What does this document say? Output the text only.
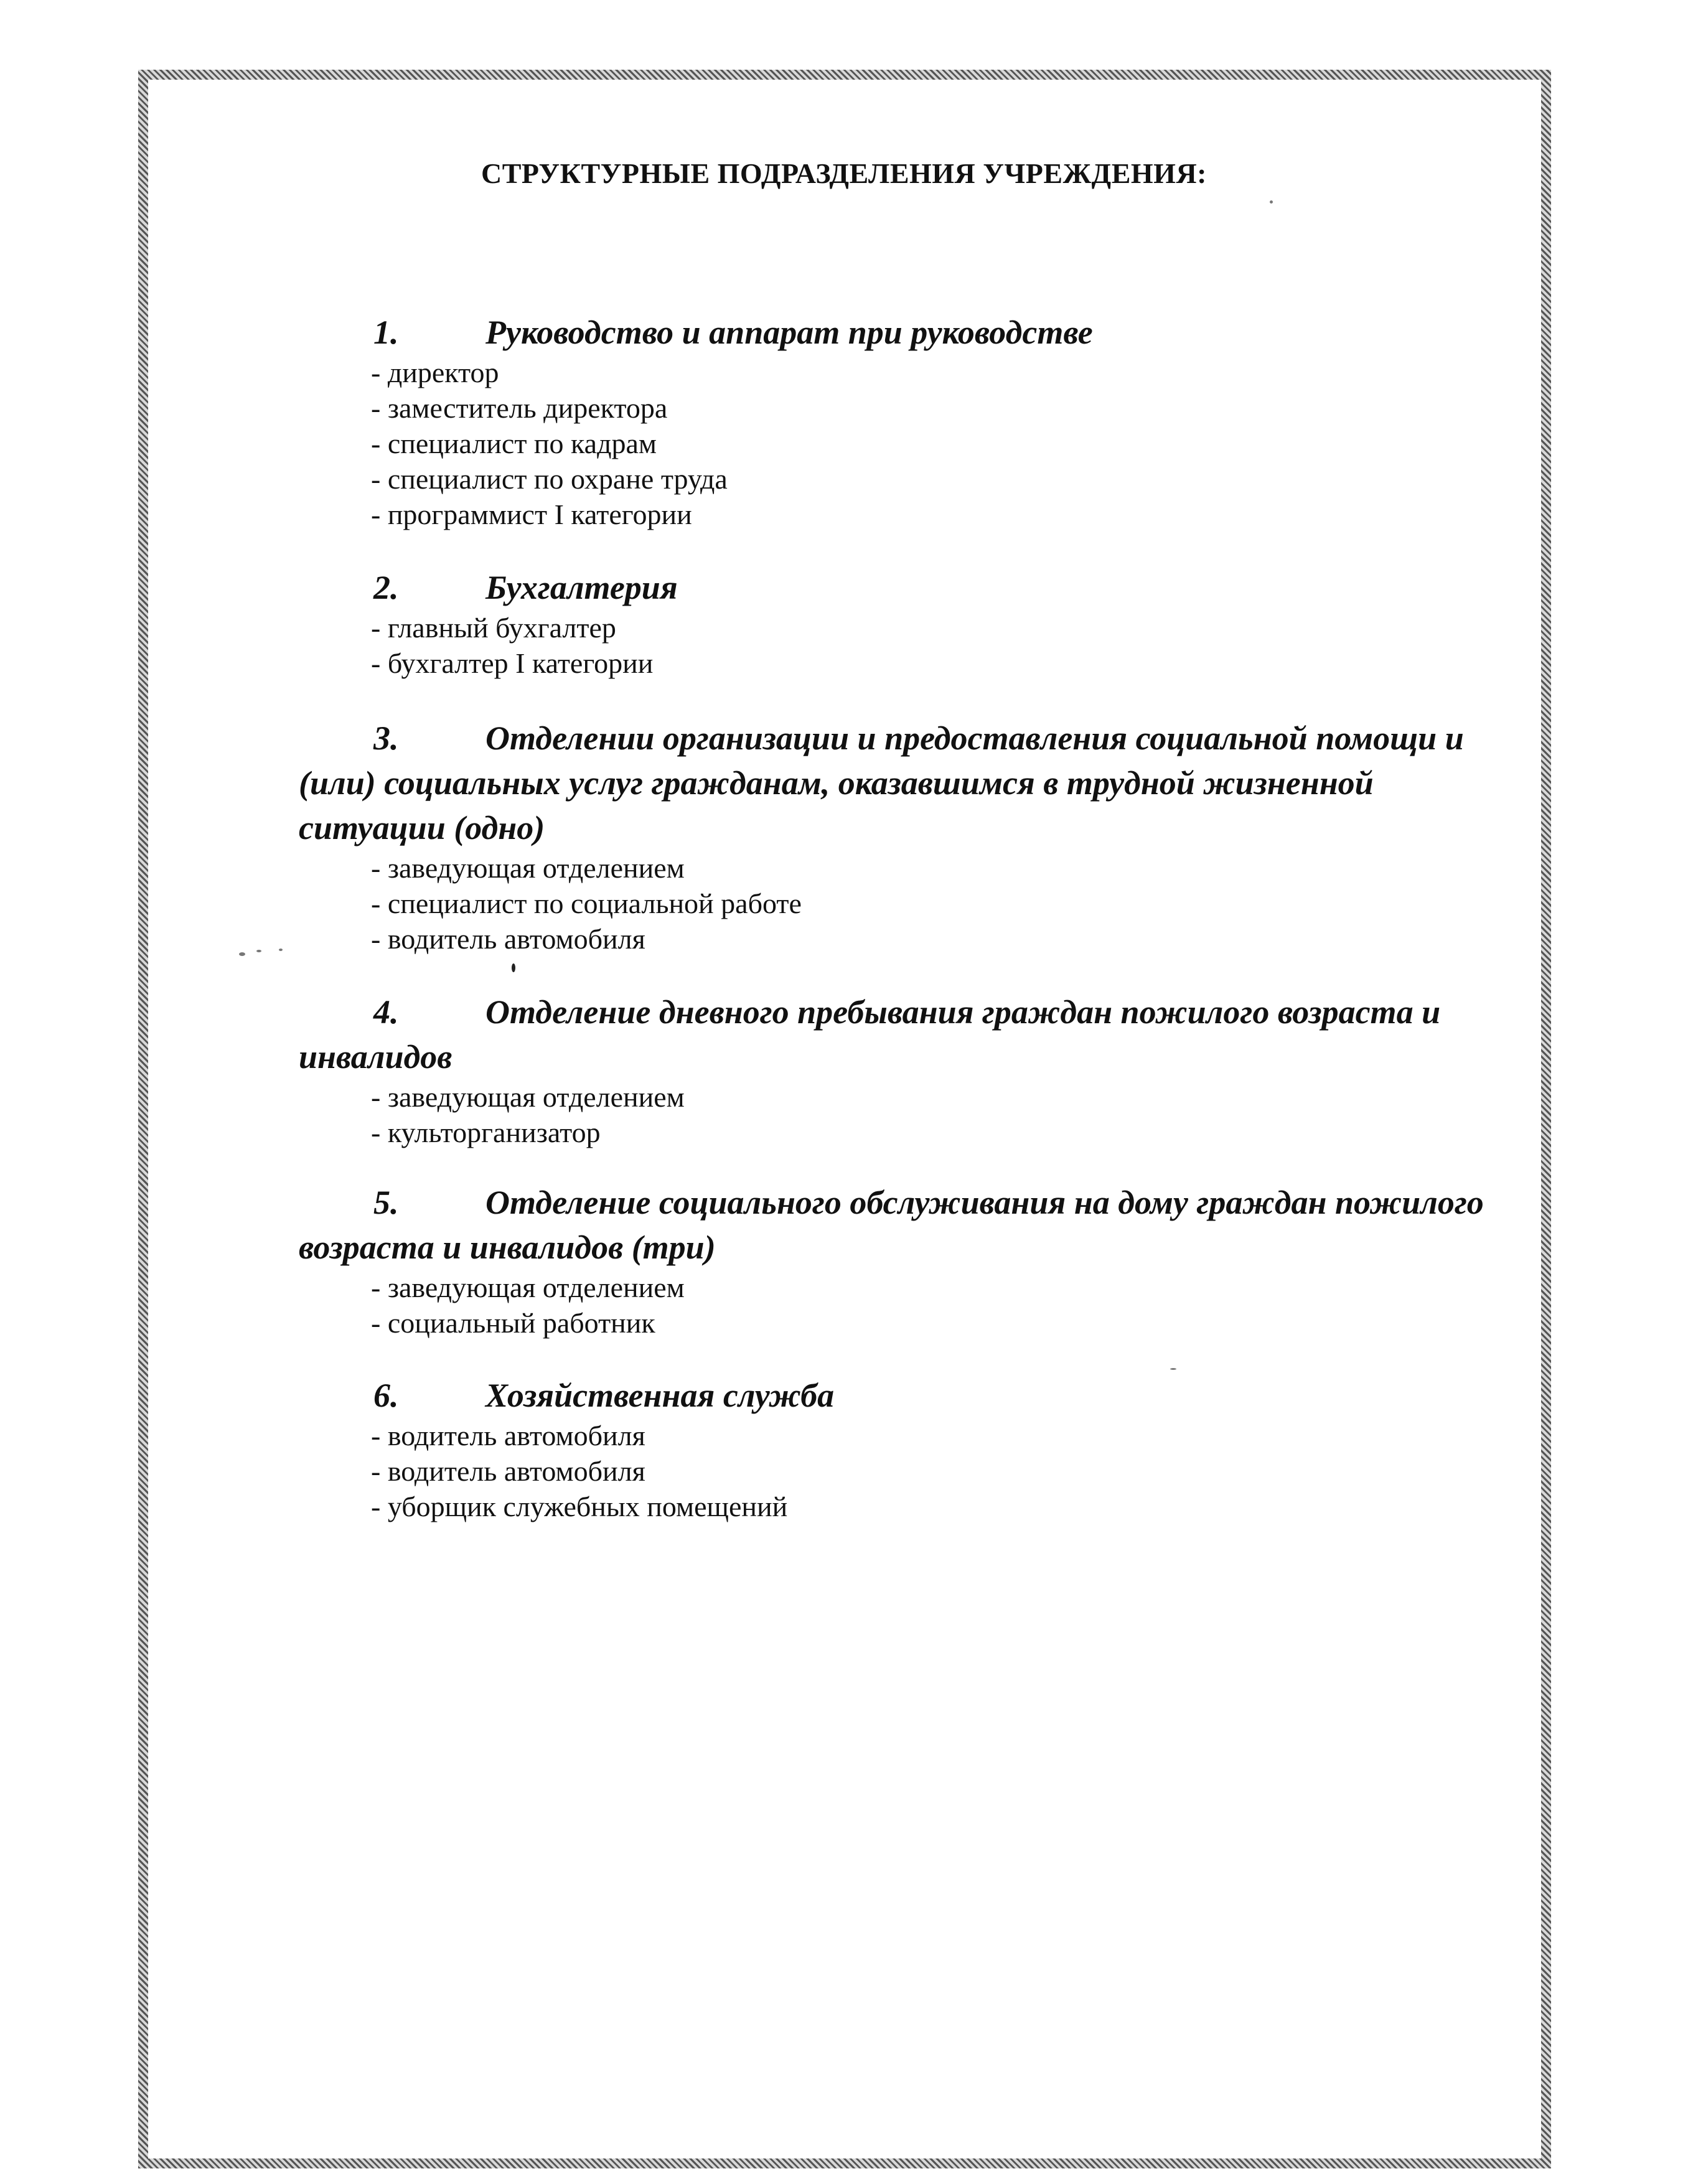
СТРУКТУРНЫЕ ПОДРАЗДЕЛЕНИЯ УЧРЕЖДЕНИЯ:

1.	Руководство и аппарат при руководстве

- директор
- заместитель директора
- специалист по кадрам
- специалист по охране труда
- программист I категории

2.	Бухгалтерия

- главный бухгалтер
- бухгалтер I категории

3.	Отделении организации и предоставления социальной помощи и (или) социальных услуг гражданам, оказавшимся в трудной жизненной ситуации (одно)

- заведующая отделением
- специалист по социальной работе
- водитель автомобиля

4.	Отделение дневного пребывания граждан пожилого возраста и инвалидов

- заведующая отделением
- культорганизатор

5.	Отделение социального обслуживания на дому граждан пожилого возраста и инвалидов (три)

- заведующая отделением
- социальный работник

6.	Хозяйственная служба

- водитель автомобиля
- водитель автомобиля
- уборщик служебных помещений
